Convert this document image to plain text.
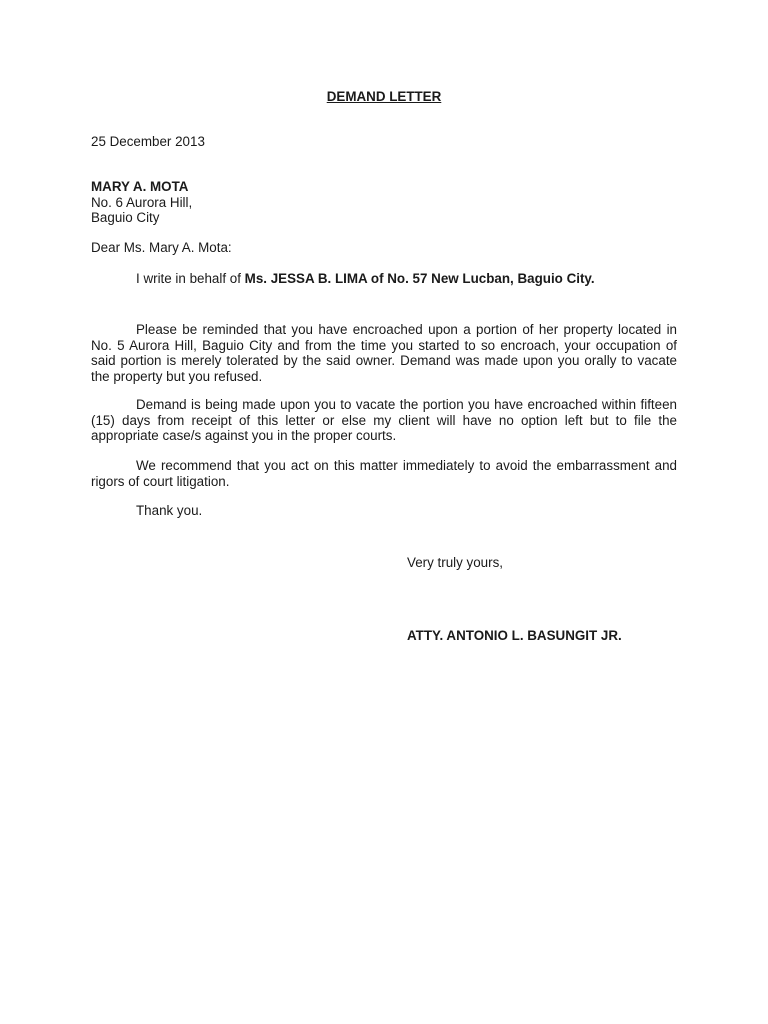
DEMAND LETTER
25 December 2013
MARY A. MOTA
No. 6 Aurora Hill,
Baguio City
Dear Ms. Mary A. Mota:
I write in behalf of Ms. JESSA B. LIMA of No. 57 New Lucban, Baguio City.
Please be reminded that you have encroached upon a portion of her property located in No. 5 Aurora Hill, Baguio City and from the time you started to so encroach, your occupation of said portion is merely tolerated by the said owner. Demand was made upon you orally to vacate the property but you refused.
Demand is being made upon you to vacate the portion you have encroached within fifteen (15) days from receipt of this letter or else my client will have no option left but to file the appropriate case/s against you in the proper courts.
We recommend that you act on this matter immediately to avoid the embarrassment and rigors of court litigation.
Thank you.
Very truly yours,
ATTY. ANTONIO L. BASUNGIT JR.
